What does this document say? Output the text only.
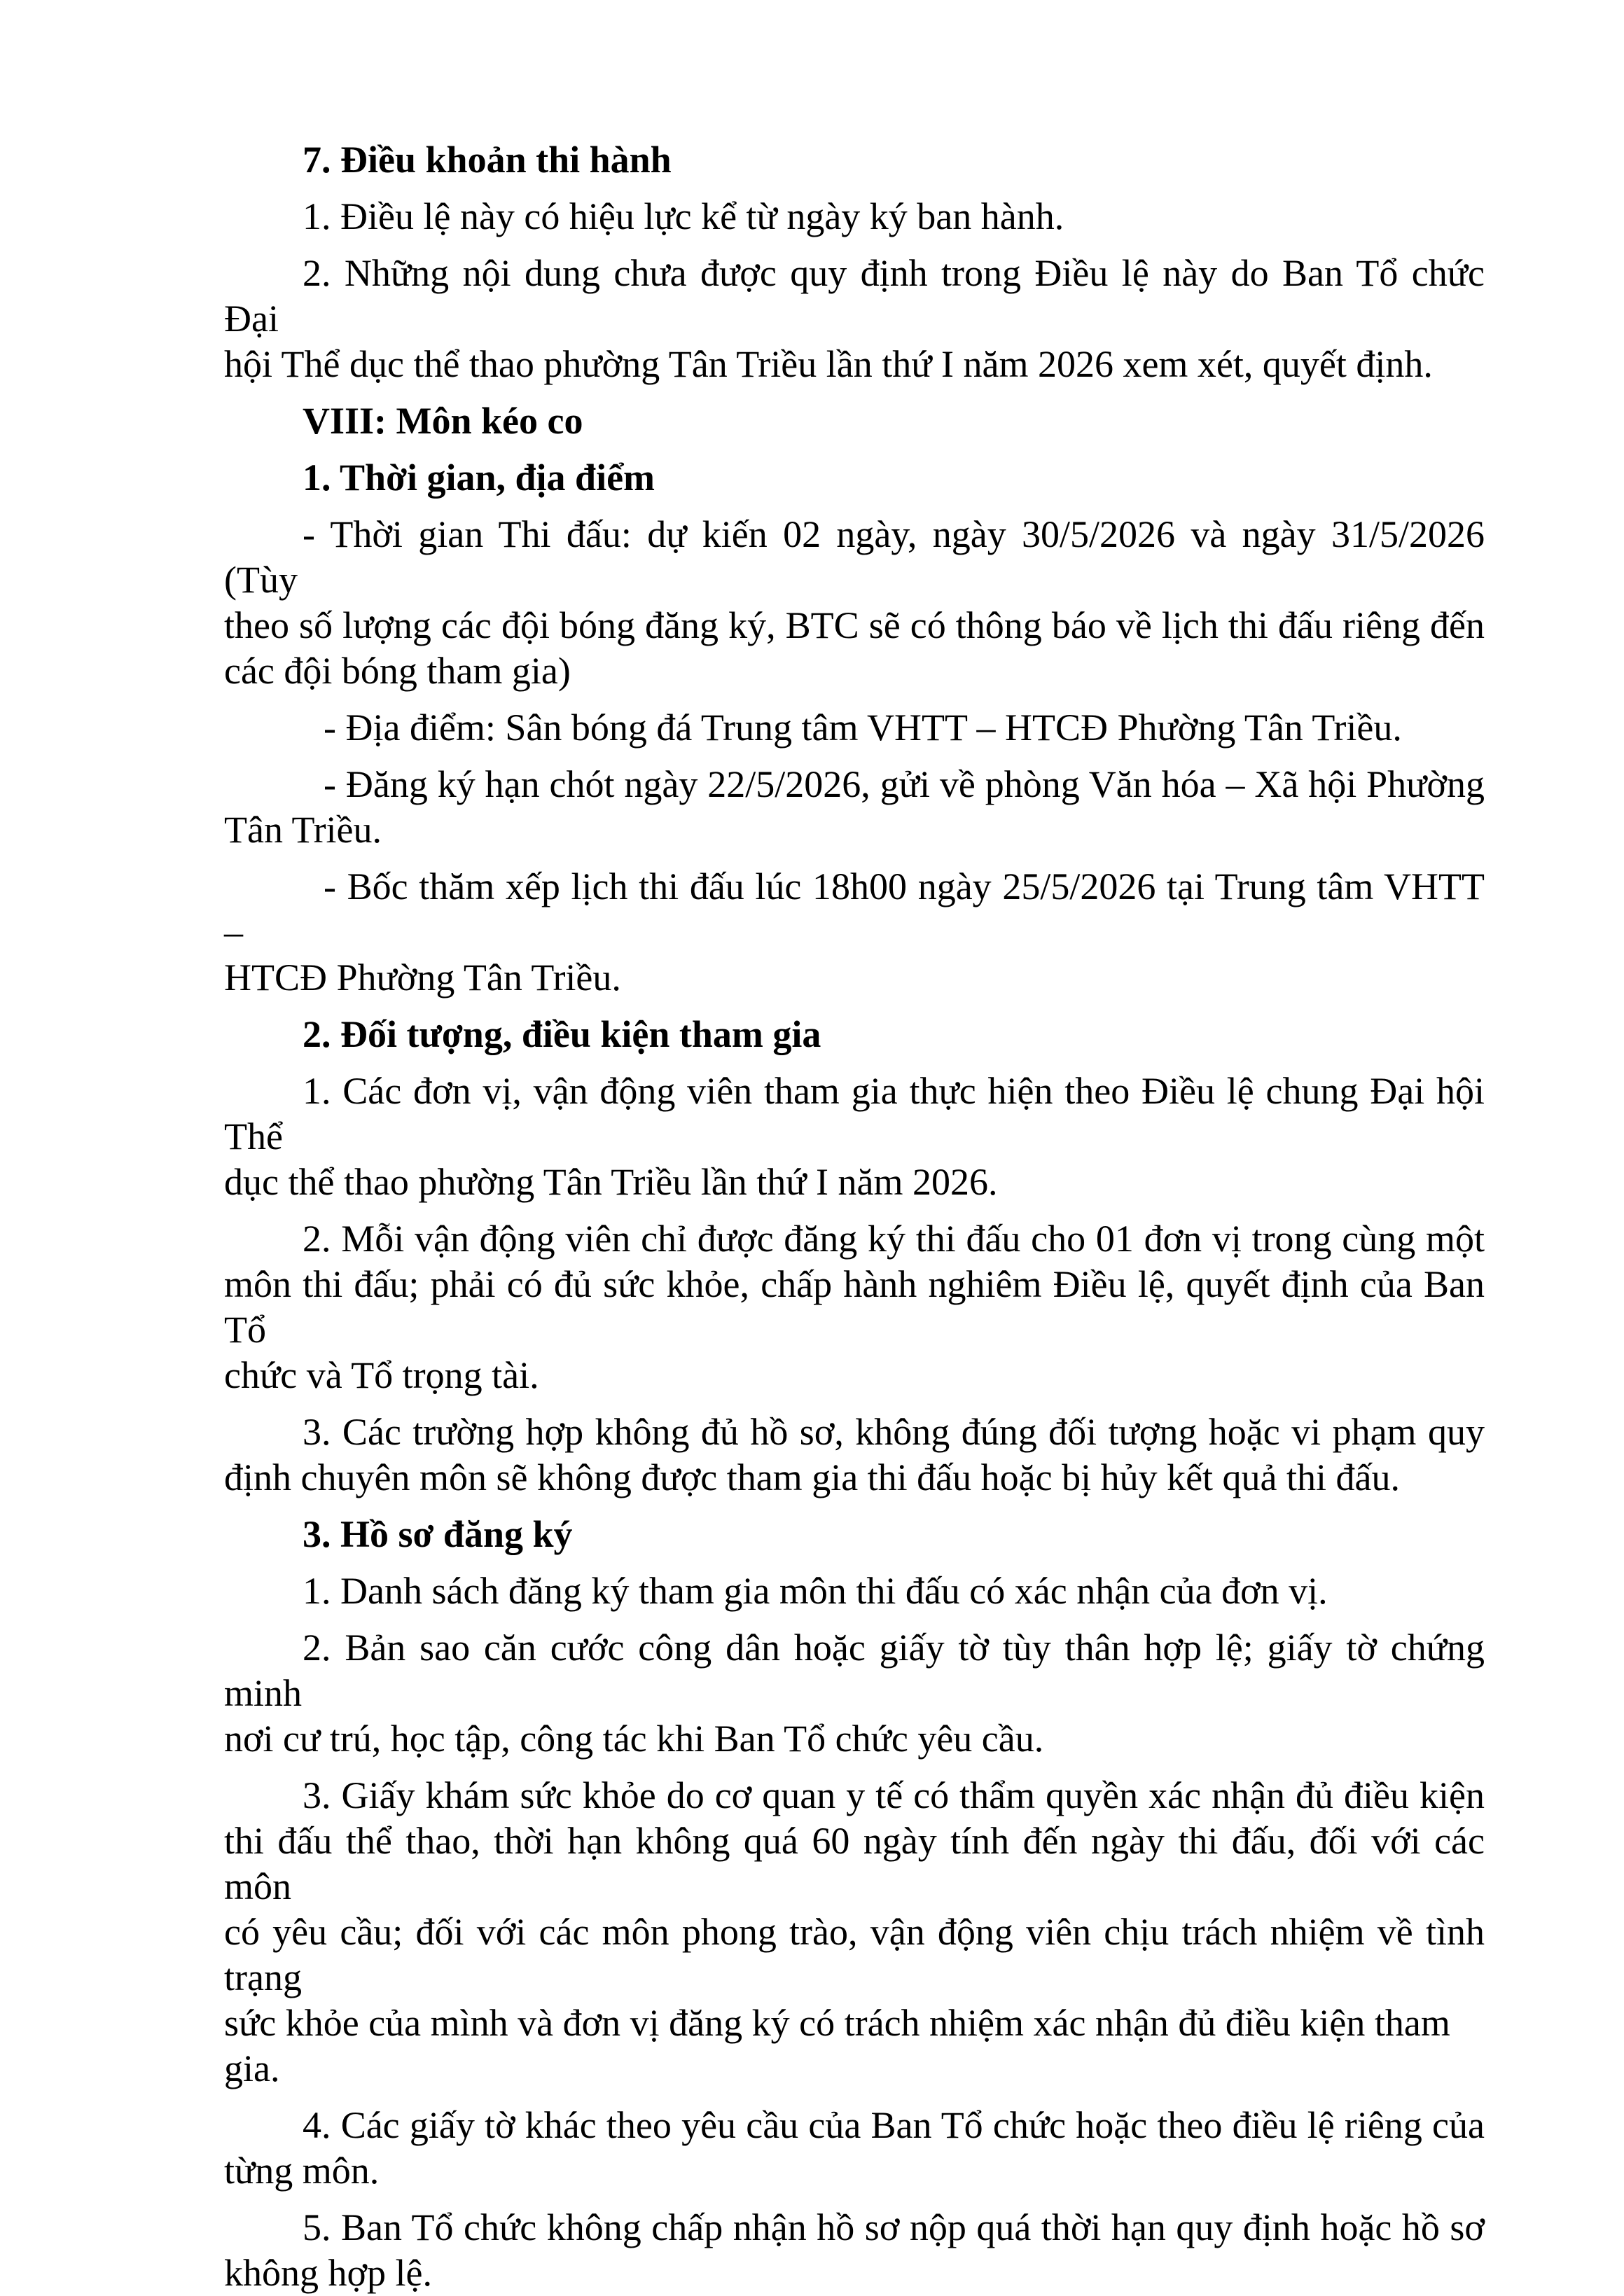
7. Điều khoản thi hành

1. Điều lệ này có hiệu lực kể từ ngày ký ban hành.

2. Những nội dung chưa được quy định trong Điều lệ này do Ban Tổ chức Đại
hội Thể dục thể thao phường Tân Triều lần thứ I năm 2026 xem xét, quyết định.

VIII: Môn kéo co

1. Thời gian, địa điểm

- Thời gian Thi đấu: dự kiến 02 ngày, ngày 30/5/2026 và ngày 31/5/2026 (Tùy
theo số lượng các đội bóng đăng ký, BTC sẽ có thông báo về lịch thi đấu riêng đến
các đội bóng tham gia)

- Địa điểm: Sân bóng đá Trung tâm VHTT – HTCĐ Phường Tân Triều.

- Đăng ký hạn chót ngày 22/5/2026, gửi về phòng Văn hóa – Xã hội Phường
Tân Triều.

- Bốc thăm xếp lịch thi đấu lúc 18h00 ngày 25/5/2026 tại Trung tâm VHTT –
HTCĐ Phường Tân Triều.

2. Đối tượng, điều kiện tham gia

1. Các đơn vị, vận động viên tham gia thực hiện theo Điều lệ chung Đại hội Thể
dục thể thao phường Tân Triều lần thứ I năm 2026.

2. Mỗi vận động viên chỉ được đăng ký thi đấu cho 01 đơn vị trong cùng một
môn thi đấu; phải có đủ sức khỏe, chấp hành nghiêm Điều lệ, quyết định của Ban Tổ
chức và Tổ trọng tài.

3. Các trường hợp không đủ hồ sơ, không đúng đối tượng hoặc vi phạm quy
định chuyên môn sẽ không được tham gia thi đấu hoặc bị hủy kết quả thi đấu.

3. Hồ sơ đăng ký

1. Danh sách đăng ký tham gia môn thi đấu có xác nhận của đơn vị.

2. Bản sao căn cước công dân hoặc giấy tờ tùy thân hợp lệ; giấy tờ chứng minh
nơi cư trú, học tập, công tác khi Ban Tổ chức yêu cầu.

3. Giấy khám sức khỏe do cơ quan y tế có thẩm quyền xác nhận đủ điều kiện
thi đấu thể thao, thời hạn không quá 60 ngày tính đến ngày thi đấu, đối với các môn
có yêu cầu; đối với các môn phong trào, vận động viên chịu trách nhiệm về tình trạng
sức khỏe của mình và đơn vị đăng ký có trách nhiệm xác nhận đủ điều kiện tham gia.

4. Các giấy tờ khác theo yêu cầu của Ban Tổ chức hoặc theo điều lệ riêng của
từng môn.

5. Ban Tổ chức không chấp nhận hồ sơ nộp quá thời hạn quy định hoặc hồ sơ
không hợp lệ.
